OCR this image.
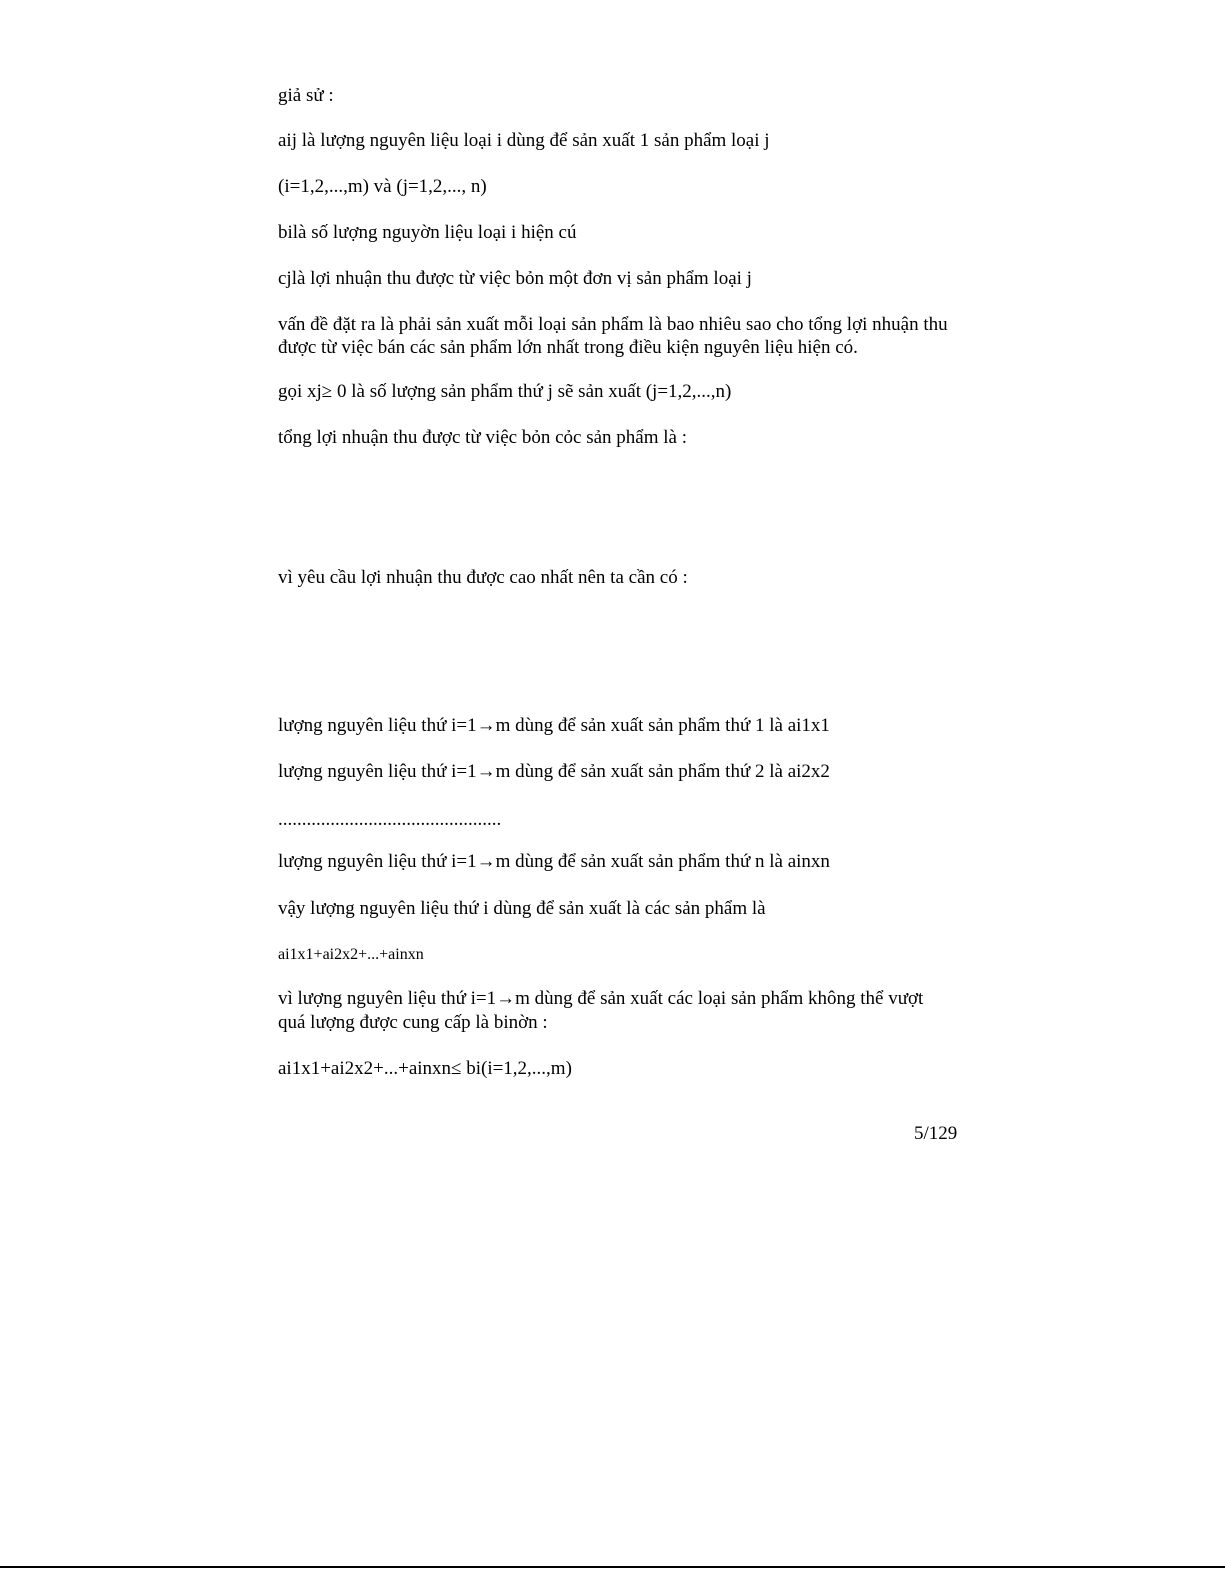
giả sử :
aij là lượng nguyên liệu loại i dùng để sản xuất 1 sản phẩm loại j
(i=1,2,...,m) và (j=1,2,..., n)
bilà số lượng nguyờn liệu loại i hiện cú
cjlà lợi nhuận thu được từ việc bỏn một đơn vị sản phẩm loại j
vấn đề đặt ra là phải sản xuất mỗi loại sản phẩm là bao nhiêu sao cho tổng lợi nhuận thu
được từ việc bán các sản phẩm lớn nhất trong điều kiện nguyên liệu hiện có.
gọi xj≥ 0 là số lượng sản phẩm thứ j sẽ sản xuất (j=1,2,...,n)
tổng lợi nhuận thu được từ việc bỏn cỏc sản phẩm là :
vì yêu cầu lợi nhuận thu được cao nhất nên ta cần có :
lượng nguyên liệu thứ i=1→m dùng để sản xuất sản phẩm thứ 1 là ai1x1
lượng nguyên liệu thứ i=1→m dùng để sản xuất sản phẩm thứ 2 là ai2x2
...............................................
lượng nguyên liệu thứ i=1→m dùng để sản xuất sản phẩm thứ n là ainxn
vậy lượng nguyên liệu thứ i dùng để sản xuất là các sản phẩm là
ai1x1+ai2x2+...+ainxn
vì lượng nguyên liệu thứ i=1→m dùng để sản xuất các loại sản phẩm không thể vượt
quá lượng được cung cấp là binờn :
ai1x1+ai2x2+...+ainxn≤ bi(i=1,2,...,m)
5/129
